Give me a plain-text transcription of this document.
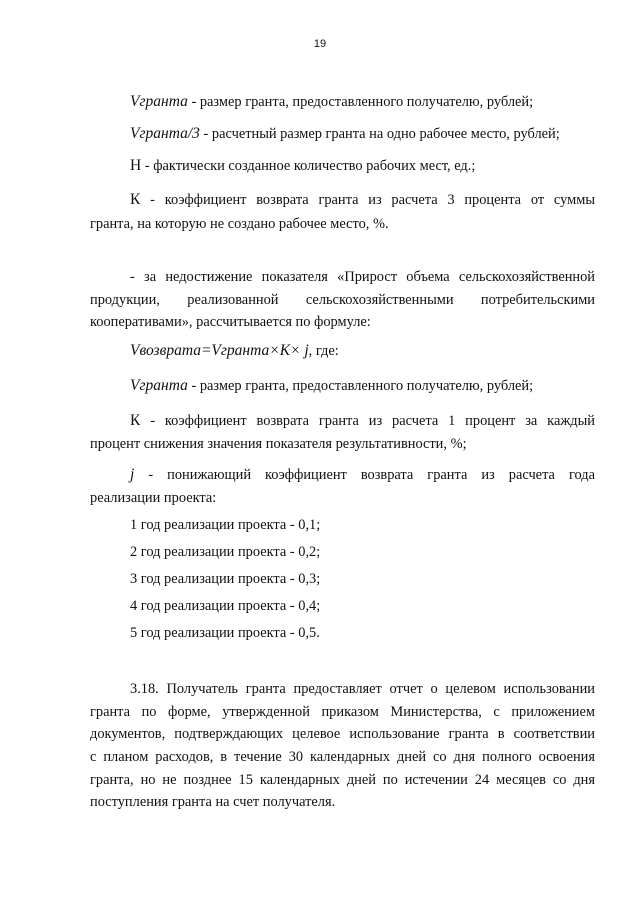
19
Vгранта - размер гранта, предоставленного получателю, рублей;
Vгранта/3 - расчетный размер гранта на одно рабочее место, рублей;
Н - фактически созданное количество рабочих мест, ед.;
К - коэффициент возврата гранта из расчета 3 процента от суммы
гранта, на которую не создано рабочее место, %.
- за недостижение показателя «Прирост объема сельскохозяйственной
продукции, реализованной сельскохозяйственными потребительскими
кооперативами», рассчитывается по формуле:
Vвозврата=Vгранта×К× j, где:
Vгранта - размер гранта, предоставленного получателю, рублей;
К - коэффициент возврата гранта из расчета 1 процент за каждый
процент снижения значения показателя результативности, %;
j - понижающий коэффициент возврата гранта из расчета года
реализации проекта:
1 год реализации проекта - 0,1;
2 год реализации проекта - 0,2;
3 год реализации проекта - 0,3;
4 год реализации проекта - 0,4;
5 год реализации проекта - 0,5.
3.18. Получатель гранта предоставляет отчет о целевом использовании
гранта по форме, утвержденной приказом Министерства, с приложением
документов, подтверждающих целевое использование гранта в соответствии
с планом расходов, в течение 30 календарных дней со дня полного освоения
гранта, но не позднее 15 календарных дней по истечении 24 месяцев со дня
поступления гранта на счет получателя.
